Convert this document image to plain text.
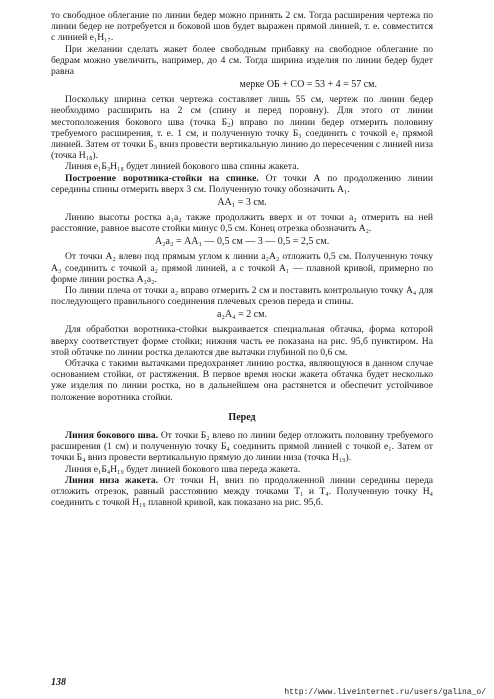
то свободное облегание по линии бедер можно принять 2 см. Тогда расширения чертежа по линии бедер не потребуется и боковой шов будет выражен прямой линией, т. е. совместится с линией е₁Н₁₇.

При желании сделать жакет более свободным прибавку на свободное облегание по бедрам можно увеличить, например, до 4 см. Тогда ширина изделия по линии бедер будет равна

мерке ОБ + СО = 53 + 4 = 57 см.

Поскольку ширина сетки чертежа составляет лишь 55 см, чертеж по линии бедер необходимо расширить на 2 см (спину и перед поровну). Для этого от линии местоположения бокового шва (точка Б₂) вправо по линии бедер отмерить половину требуемого расширения, т. е. 1 см, и полученную точку Б₃ соединить с точкой е₁ прямой линией. Затем от точки Б₃ вниз провести вертикальную линию до пересечения с линией низа (точка Н₁₈).

Линия е₁Б₃Н₁₈ будет линией бокового шва спины жакета.

Построение воротника-стойки на спинке. От точки А по продолжению линии середины спины отмерить вверх 3 см. Полученную точку обозначить А₁.

АА₁ = 3 см.

Линию высоты ростка а₁а₂ также продолжить вверх и от точки а₂ отмерить на ней расстояние, равное высоте стойки минус 0,5 см. Конец отрезка обозначить А₂.

А₂а₂ = АА₁ — 0,5 см — 3 — 0,5 = 2,5 см.

От точки А₂ влево под прямым углом к линии а₂А₂ отложить 0,5 см. Полученную точку А₃ соединить с точкой а₂ прямой линией, а с точкой А₁ — плавной кривой, примерно по форме линии ростка А₃а₂.

По линии плеча от точки а₂ вправо отмерить 2 см и поставить контрольную точку А₄ для последующего правильного соединения плечевых срезов переда и спины.

а₂А₄ = 2 см.

Для обработки воротника-стойки выкраивается специальная обтачка, форма которой вверху соответствует форме стойки; нижняя часть ее показана на рис. 95,б пунктиром. На этой обтачке по линии ростка делаются две вытачки глубиной по 0,6 см.

Обтачка с такими вытачками предохраняет линию ростка, являющуюся в данном случае основанием стойки, от растяжения. В первое время носки жакета обтачка будет несколько уже изделия по линии ростка, но в дальнейшем она растянется и обеспечит устойчивое положение воротника стойки.

Перед

Линия бокового шва. От точки Б₂ влево по линии бедер отложить половину требуемого расширения (1 см) и полученную точку Б₄ соединить прямой линией с точкой е₁. Затем от точки Б₄ вниз провести вертикальную прямую до линии низа (точка Н₁₉).

Линия е₁Б₄Н₁₉ будет линией бокового шва переда жакета.

Линия низа жакета. От точки Н₁ вниз по продолженной линии середины переда отложить отрезок, равный расстоянию между точками Т₁ и Т₄. Полученную точку Н₄ соединить с точкой Н₁₉ плавной кривой, как показано на рис. 95,б.

138
http://www.liveinternet.ru/users/galina_o/
